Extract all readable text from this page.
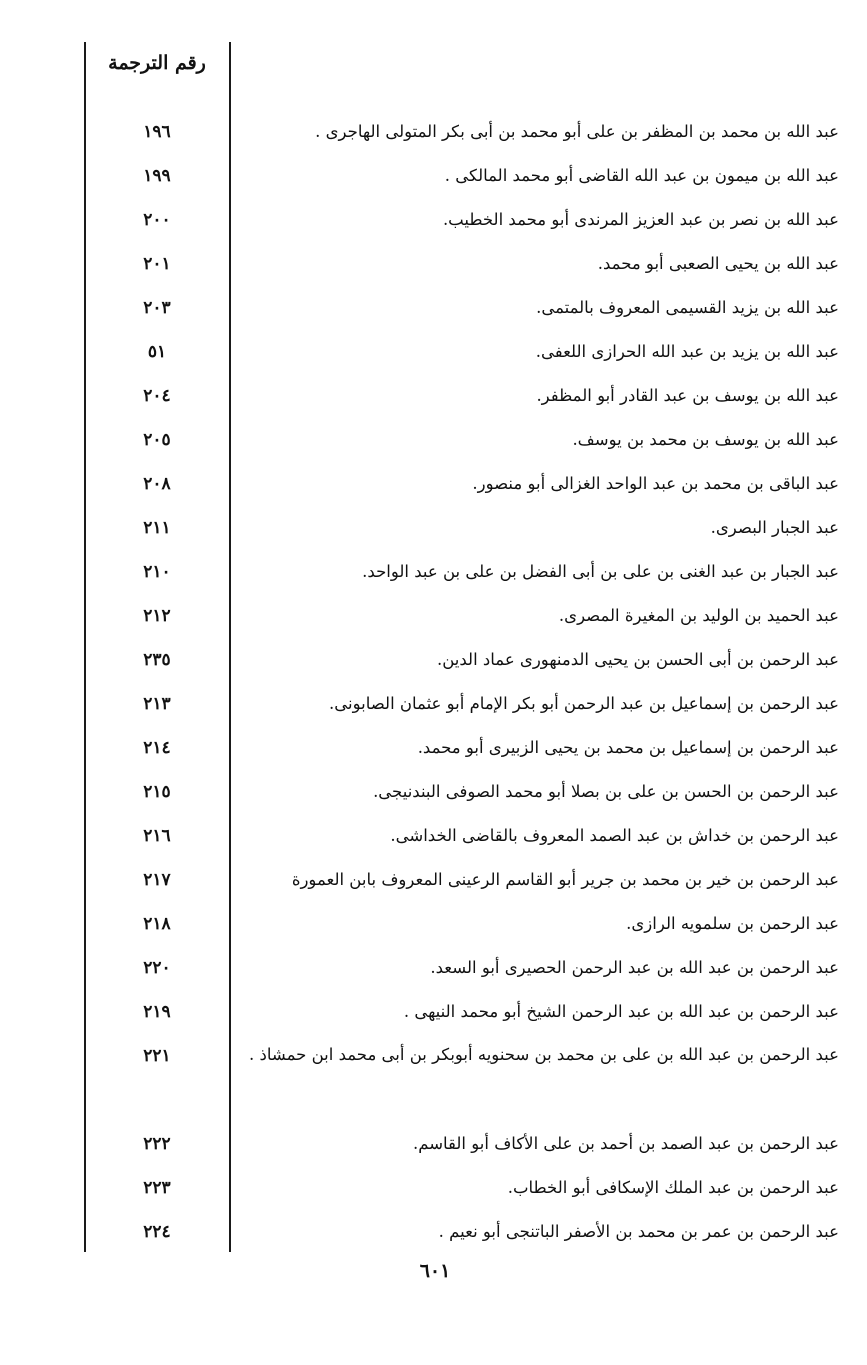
رقم الترجمة
عبد الله بن محمد بن المظفر بن على أبو محمد بن أبى بكر المتولى الهاجرى .
١٩٦
عبد الله بن ميمون بن عبد الله القاضى أبو محمد المالكى .
١٩٩
عبد الله بن نصر بن عبد العزيز المرندى أبو محمد الخطيب.
٢٠٠
عبد الله بن يحيى الصعبى أبو محمد.
٢٠١
عبد الله بن يزيد القسيمى المعروف بالمتمى.
٢٠٣
عبد الله بن يزيد بن عبد الله الحرازى اللعفى.
٥١
عبد الله بن يوسف بن عبد القادر أبو المظفر.
٢٠٤
عبد الله بن يوسف بن محمد بن يوسف.
٢٠٥
عبد الباقى بن محمد بن عبد الواحد الغزالى أبو منصور.
٢٠٨
عبد الجبار البصرى.
٢١١
عبد الجبار بن عبد الغنى بن على بن أبى الفضل بن على بن عبد الواحد.
٢١٠
عبد الحميد بن الوليد بن المغيرة المصرى.
٢١٢
عبد الرحمن بن أبى الحسن بن يحيى الدمنهورى عماد الدين.
٢٣٥
عبد الرحمن بن إسماعيل بن عبد الرحمن أبو بكر الإمام أبو عثمان الصابونى.
٢١٣
عبد الرحمن بن إسماعيل بن محمد بن يحيى الزبيرى أبو محمد.
٢١٤
عبد الرحمن بن الحسن بن على بن بصلا أبو محمد الصوفى البندنيجى.
٢١٥
عبد الرحمن بن خداش بن عبد الصمد المعروف بالقاضى الخداشى.
٢١٦
عبد الرحمن بن خير بن محمد بن جرير أبو القاسم الرعينى المعروف بابن العمورة
٢١٧
عبد الرحمن بن سلمويه الرازى.
٢١٨
عبد الرحمن بن عبد الله بن عبد الرحمن الحصيرى أبو السعد.
٢٢٠
عبد الرحمن بن عبد الله بن عبد الرحمن الشيخ أبو محمد النيهى .
٢١٩
عبد الرحمن بن عبد الله بن على بن محمد بن سحنويه أبوبكر بن أبى محمد ابن حمشاذ .
٢٢١
عبد الرحمن بن عبد الصمد بن أحمد بن على الأكاف أبو القاسم.
٢٢٢
عبد الرحمن بن عبد الملك الإسكافى أبو الخطاب.
٢٢٣
عبد الرحمن بن عمر بن محمد بن الأصفر الباتنجى أبو نعيم .
٢٢٤
٦٠١
